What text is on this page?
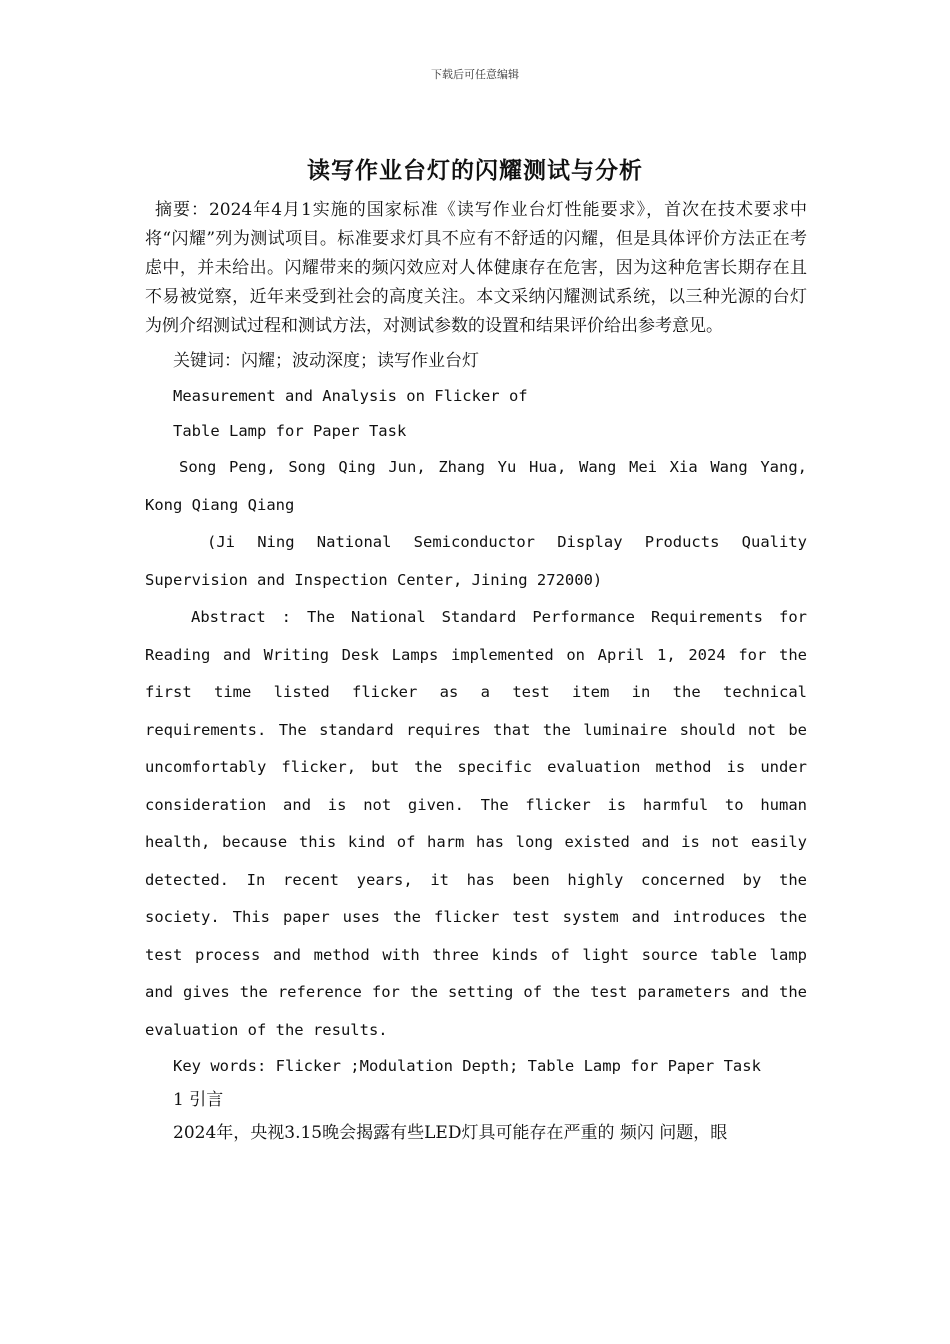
下载后可任意编辑
读写作业台灯的闪耀测试与分析

摘要：2024年4月1实施的国家标准《读写作业台灯性能要求》，首次在技术要求中将“闪耀”列为测试项目。标准要求灯具不应有不舒适的闪耀，但是具体评价方法正在考虑中，并未给出。闪耀带来的频闪效应对人体健康存在危害，因为这种危害长期存在且不易被觉察，近年来受到社会的高度关注。本文采纳闪耀测试系统，以三种光源的台灯为例介绍测试过程和测试方法，对测试参数的设置和结果评价给出参考意见。

关键词：闪耀；波动深度；读写作业台灯

Measurement and Analysis on Flicker of

Table Lamp for Paper Task

Song Peng, Song Qing Jun, Zhang Yu Hua, Wang Mei Xia Wang Yang, Kong Qiang Qiang

(Ji Ning National Semiconductor Display Products Quality Supervision and Inspection Center, Jining 272000)

Abstract : The National Standard Performance Requirements for Reading and Writing Desk Lamps implemented on April 1, 2024 for the first time listed flicker as a test item in the technical requirements. The standard requires that the luminaire should not be uncomfortably flicker, but the specific evaluation method is under consideration and is not given. The flicker is harmful to human health, because this kind of harm has long existed and is not easily detected. In recent years, it has been highly concerned by the society. This paper uses the flicker test system and introduces the test process and method with three kinds of light source table lamp and gives the reference for the setting of the test parameters and the evaluation of the results.

Key words: Flicker ;Modulation Depth; Table Lamp for Paper Task

1 引言

2024年，央视3.15晚会揭露有些LED灯具可能存在严重的 频闪 问题，眼
